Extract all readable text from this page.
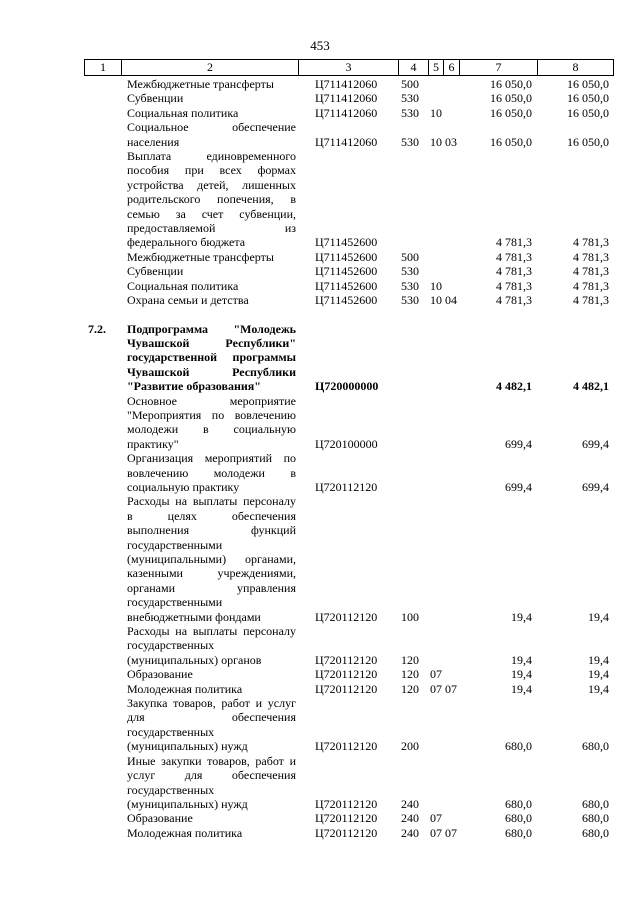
453
1	2	3	4	5 6	7	8
Межбюджетные трансферты	Ц711412060 500	16 050,0	16 050,0
Субвенции	Ц711412060 530	16 050,0	16 050,0
Социальная политика	Ц711412060 530 10	16 050,0	16 050,0
Социальное обеспечение населения	Ц711412060 530 10 03	16 050,0	16 050,0
Выплата единовременного пособия при всех формах устройства детей, лишенных родительского попечения, в семью за счет субвенции, предоставляемой из федерального бюджета	Ц711452600	4 781,3	4 781,3
Межбюджетные трансферты	Ц711452600 500	4 781,3	4 781,3
Субвенции	Ц711452600 530	4 781,3	4 781,3
Социальная политика	Ц711452600 530 10	4 781,3	4 781,3
Охрана семьи и детства	Ц711452600 530 10 04	4 781,3	4 781,3
7.2.	Подпрограмма "Молодежь Чувашской Республики" государственной программы Чувашской Республики "Развитие образования"	Ц720000000	4 482,1	4 482,1
Основное мероприятие "Мероприятия по вовлечению молодежи в социальную практику"	Ц720100000	699,4	699,4
Организация мероприятий по вовлечению молодежи в социальную практику	Ц720112120	699,4	699,4
Расходы на выплаты персоналу в целях обеспечения выполнения функций государственными (муниципальными) органами, казенными учреждениями, органами управления государственными внебюджетными фондами	Ц720112120 100	19,4	19,4
Расходы на выплаты персоналу государственных (муниципальных) органов	Ц720112120 120	19,4	19,4
Образование	Ц720112120 120 07	19,4	19,4
Молодежная политика	Ц720112120 120 07 07	19,4	19,4
Закупка товаров, работ и услуг для обеспечения государственных (муниципальных) нужд	Ц720112120 200	680,0	680,0
Иные закупки товаров, работ и услуг для обеспечения государственных (муниципальных) нужд	Ц720112120 240	680,0	680,0
Образование	Ц720112120 240 07	680,0	680,0
Молодежная политика	Ц720112120 240 07 07	680,0	680,0
